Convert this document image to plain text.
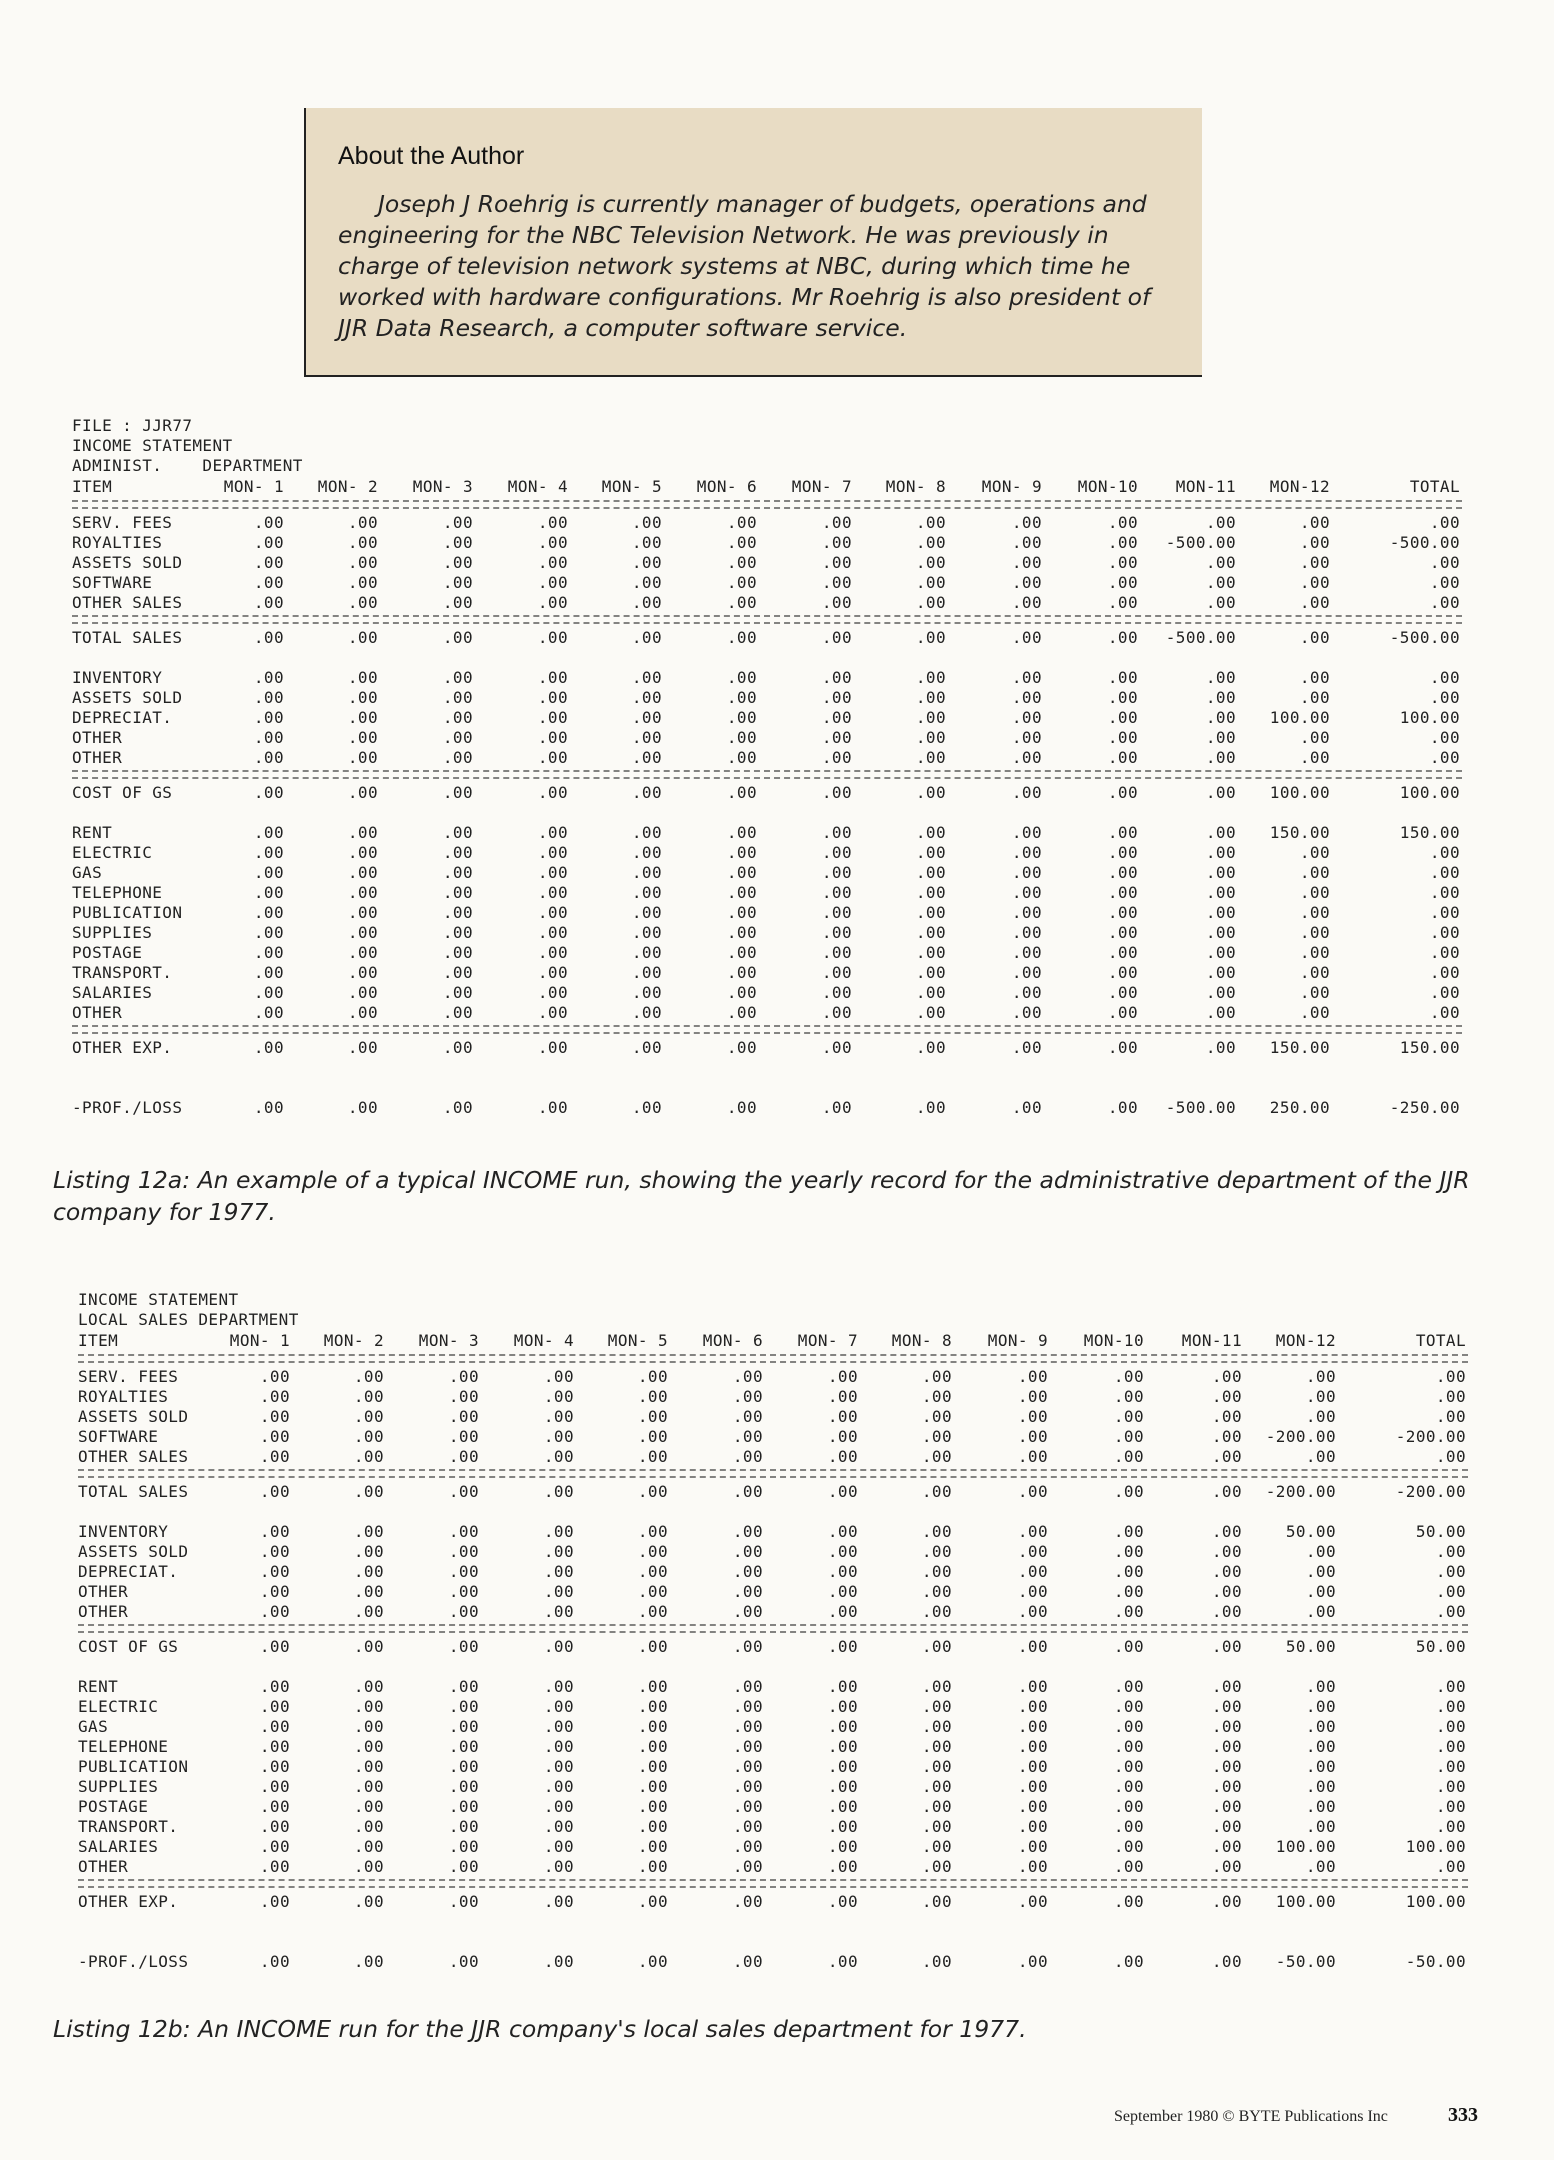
About the Author
Joseph J Roehrig is currently manager of budgets, operations and engineering for the NBC Television Network. He was previously in charge of television network systems at NBC, during which time he worked with hardware configurations. Mr Roehrig is also president of JJR Data Research, a computer software service.
FILE : JJR77
INCOME STATEMENT
ADMINIST.    DEPARTMENT
ITEM	MON- 1 MON- 2 MON- 3 MON- 4 MON- 5 MON- 6 MON- 7 MON- 8 MON- 9 MON-10 MON-11 MON-12	TOTAL
SERV. FEES	.00	.00	.00	.00	.00	.00	.00	.00	.00	.00	.00	.00	.00
ROYALTIES	.00	.00	.00	.00	.00	.00	.00	.00	.00	.00 -500.00	.00	-500.00
ASSETS SOLD	.00	.00	.00	.00	.00	.00	.00	.00	.00	.00	.00	.00	.00
SOFTWARE	.00	.00	.00	.00	.00	.00	.00	.00	.00	.00	.00	.00	.00
OTHER SALES	.00	.00	.00	.00	.00	.00	.00	.00	.00	.00	.00	.00	.00
TOTAL SALES	.00	.00	.00	.00	.00	.00	.00	.00	.00	.00 -500.00	.00	-500.00
INVENTORY	.00	.00	.00	.00	.00	.00	.00	.00	.00	.00	.00	.00	.00
ASSETS SOLD	.00	.00	.00	.00	.00	.00	.00	.00	.00	.00	.00	.00	.00
DEPRECIAT.	.00	.00	.00	.00	.00	.00	.00	.00	.00	.00	.00 100.00	100.00
OTHER	.00	.00	.00	.00	.00	.00	.00	.00	.00	.00	.00	.00	.00
OTHER	.00	.00	.00	.00	.00	.00	.00	.00	.00	.00	.00	.00	.00
COST OF GS	.00	.00	.00	.00	.00	.00	.00	.00	.00	.00	.00 100.00	100.00
RENT	.00	.00	.00	.00	.00	.00	.00	.00	.00	.00	.00 150.00	150.00
ELECTRIC	.00	.00	.00	.00	.00	.00	.00	.00	.00	.00	.00	.00	.00
GAS	.00	.00	.00	.00	.00	.00	.00	.00	.00	.00	.00	.00	.00
TELEPHONE	.00	.00	.00	.00	.00	.00	.00	.00	.00	.00	.00	.00	.00
PUBLICATION	.00	.00	.00	.00	.00	.00	.00	.00	.00	.00	.00	.00	.00
SUPPLIES	.00	.00	.00	.00	.00	.00	.00	.00	.00	.00	.00	.00	.00
POSTAGE	.00	.00	.00	.00	.00	.00	.00	.00	.00	.00	.00	.00	.00
TRANSPORT.	.00	.00	.00	.00	.00	.00	.00	.00	.00	.00	.00	.00	.00
SALARIES	.00	.00	.00	.00	.00	.00	.00	.00	.00	.00	.00	.00	.00
OTHER	.00	.00	.00	.00	.00	.00	.00	.00	.00	.00	.00	.00	.00
OTHER EXP.	.00	.00	.00	.00	.00	.00	.00	.00	.00	.00	.00 150.00	150.00
-PROF./LOSS	.00	.00	.00	.00	.00	.00	.00	.00	.00	.00 -500.00 250.00	-250.00

Listing 12a: An example of a typical INCOME run, showing the yearly record for the administrative department of the JJR company for 1977.

INCOME STATEMENT
LOCAL SALES DEPARTMENT
ITEM	MON- 1 MON- 2 MON- 3 MON- 4 MON- 5 MON- 6 MON- 7 MON- 8 MON- 9 MON-10 MON-11 MON-12	TOTAL
SERV. FEES	.00	.00	.00	.00	.00	.00	.00	.00	.00	.00	.00	.00	.00
ROYALTIES	.00	.00	.00	.00	.00	.00	.00	.00	.00	.00	.00	.00	.00
ASSETS SOLD	.00	.00	.00	.00	.00	.00	.00	.00	.00	.00	.00	.00	.00
SOFTWARE	.00	.00	.00	.00	.00	.00	.00	.00	.00	.00	.00 -200.00	-200.00
OTHER SALES	.00	.00	.00	.00	.00	.00	.00	.00	.00	.00	.00	.00	.00
TOTAL SALES	.00	.00	.00	.00	.00	.00	.00	.00	.00	.00	.00 -200.00	-200.00
INVENTORY	.00	.00	.00	.00	.00	.00	.00	.00	.00	.00	.00	50.00	50.00
ASSETS SOLD	.00	.00	.00	.00	.00	.00	.00	.00	.00	.00	.00	.00	.00
DEPRECIAT.	.00	.00	.00	.00	.00	.00	.00	.00	.00	.00	.00	.00	.00
OTHER	.00	.00	.00	.00	.00	.00	.00	.00	.00	.00	.00	.00	.00
OTHER	.00	.00	.00	.00	.00	.00	.00	.00	.00	.00	.00	.00	.00
COST OF GS	.00	.00	.00	.00	.00	.00	.00	.00	.00	.00	.00	50.00	50.00
RENT	.00	.00	.00	.00	.00	.00	.00	.00	.00	.00	.00	.00	.00
ELECTRIC	.00	.00	.00	.00	.00	.00	.00	.00	.00	.00	.00	.00	.00
GAS	.00	.00	.00	.00	.00	.00	.00	.00	.00	.00	.00	.00	.00
TELEPHONE	.00	.00	.00	.00	.00	.00	.00	.00	.00	.00	.00	.00	.00
PUBLICATION	.00	.00	.00	.00	.00	.00	.00	.00	.00	.00	.00	.00	.00
SUPPLIES	.00	.00	.00	.00	.00	.00	.00	.00	.00	.00	.00	.00	.00
POSTAGE	.00	.00	.00	.00	.00	.00	.00	.00	.00	.00	.00	.00	.00
TRANSPORT.	.00	.00	.00	.00	.00	.00	.00	.00	.00	.00	.00	.00	.00
SALARIES	.00	.00	.00	.00	.00	.00	.00	.00	.00	.00	.00 100.00	100.00
OTHER	.00	.00	.00	.00	.00	.00	.00	.00	.00	.00	.00	.00	.00
OTHER EXP.	.00	.00	.00	.00	.00	.00	.00	.00	.00	.00	.00 100.00	100.00
-PROF./LOSS	.00	.00	.00	.00	.00	.00	.00	.00	.00	.00	.00 -50.00	-50.00

Listing 12b: An INCOME run for the JJR company's local sales department for 1977.

September 1980 © BYTE Publications Inc	333
